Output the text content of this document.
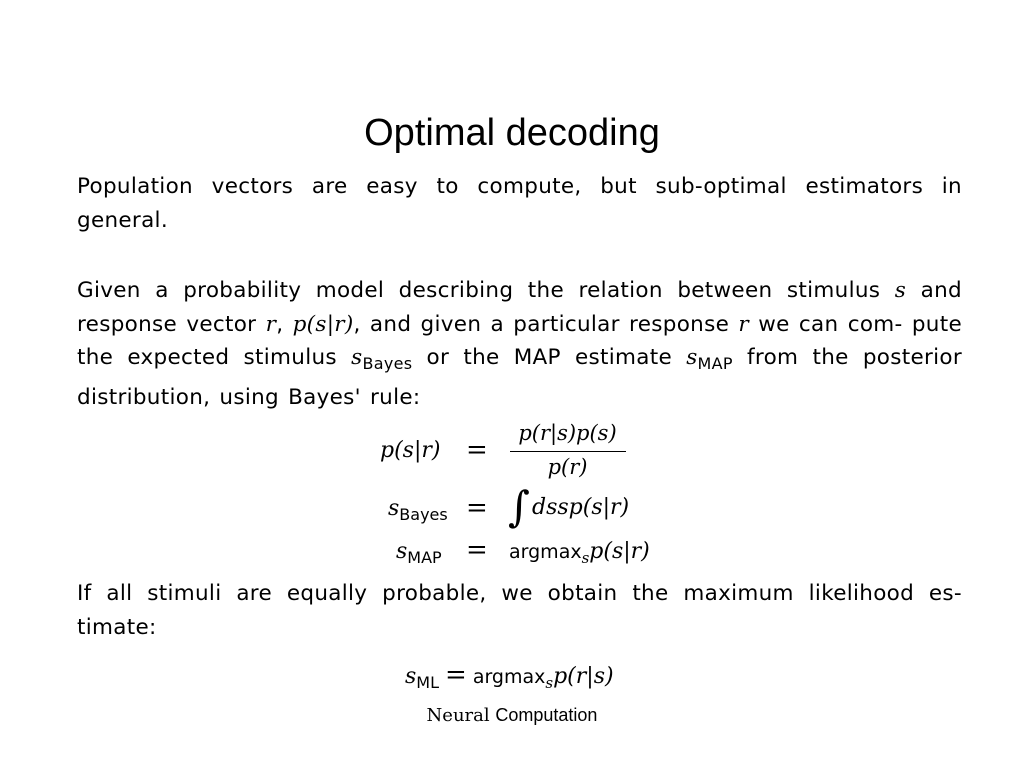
Optimal decoding
Population vectors are easy to compute, but sub-optimal estimators in general.
Given a probability model describing the relation between stimulus s and response vector r, p(s|r), and given a particular response r we can com- pute the expected stimulus $s_{Bayes}$ or the MAP estimate $s_{MAP}$ from the posterior distribution, using Bayes' rule:
p(s|r) =
p(r|s)p(s)
p(r)
$s_{Bayes}$ = ∫ dssp(s|r)
$s_{MAP} = argmax_sp(s|r)$
If all stimuli are equally probable, we obtain the maximum likelihood es- timate:
$s_{ML} = argmax_sp(r|s)$
Neural Computation
